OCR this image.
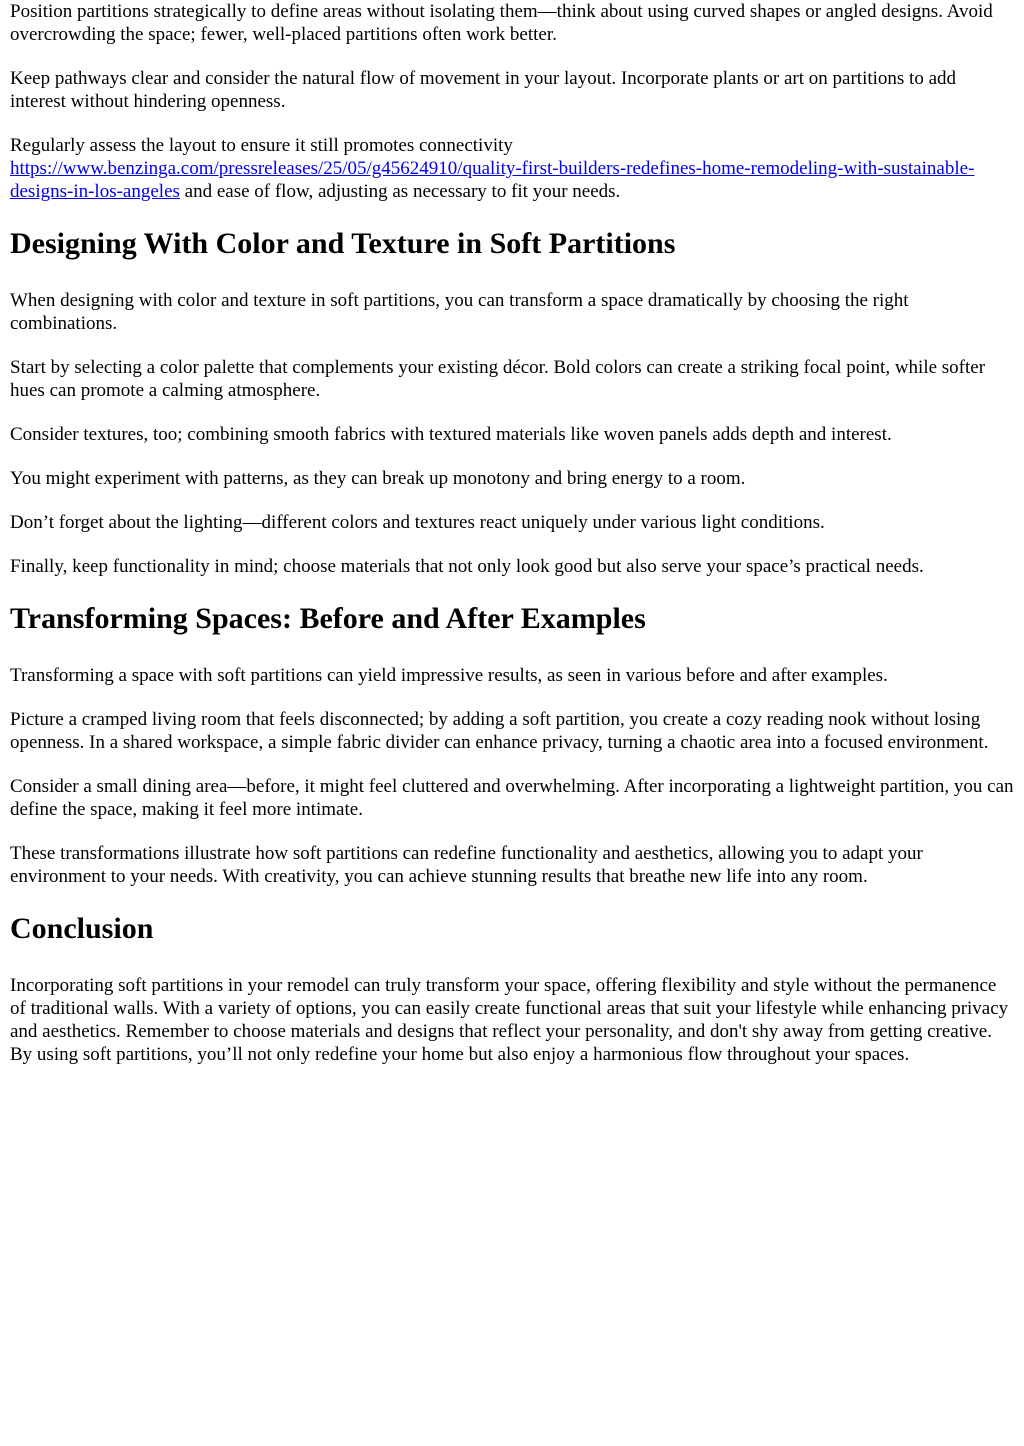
Position partitions strategically to define areas without isolating them—think about using curved shapes or angled designs. Avoid overcrowding the space; fewer, well-placed partitions often work better.

Keep pathways clear and consider the natural flow of movement in your layout. Incorporate plants or art on partitions to add interest without hindering openness.

Regularly assess the layout to ensure it still promotes connectivity https://www.benzinga.com/pressreleases/25/05/g45624910/quality-first-builders-redefines-home-remodeling-with-sustainable-designs-in-los-angeles and ease of flow, adjusting as necessary to fit your needs.

Designing With Color and Texture in Soft Partitions

When designing with color and texture in soft partitions, you can transform a space dramatically by choosing the right combinations.

Start by selecting a color palette that complements your existing décor. Bold colors can create a striking focal point, while softer hues can promote a calming atmosphere.

Consider textures, too; combining smooth fabrics with textured materials like woven panels adds depth and interest.

You might experiment with patterns, as they can break up monotony and bring energy to a room.

Don’t forget about the lighting—different colors and textures react uniquely under various light conditions.

Finally, keep functionality in mind; choose materials that not only look good but also serve your space’s practical needs.

Transforming Spaces: Before and After Examples

Transforming a space with soft partitions can yield impressive results, as seen in various before and after examples.

Picture a cramped living room that feels disconnected; by adding a soft partition, you create a cozy reading nook without losing openness. In a shared workspace, a simple fabric divider can enhance privacy, turning a chaotic area into a focused environment.

Consider a small dining area—before, it might feel cluttered and overwhelming. After incorporating a lightweight partition, you can define the space, making it feel more intimate.

These transformations illustrate how soft partitions can redefine functionality and aesthetics, allowing you to adapt your environment to your needs. With creativity, you can achieve stunning results that breathe new life into any room.

Conclusion

Incorporating soft partitions in your remodel can truly transform your space, offering flexibility and style without the permanence of traditional walls. With a variety of options, you can easily create functional areas that suit your lifestyle while enhancing privacy and aesthetics. Remember to choose materials and designs that reflect your personality, and don't shy away from getting creative. By using soft partitions, you’ll not only redefine your home but also enjoy a harmonious flow throughout your spaces.
